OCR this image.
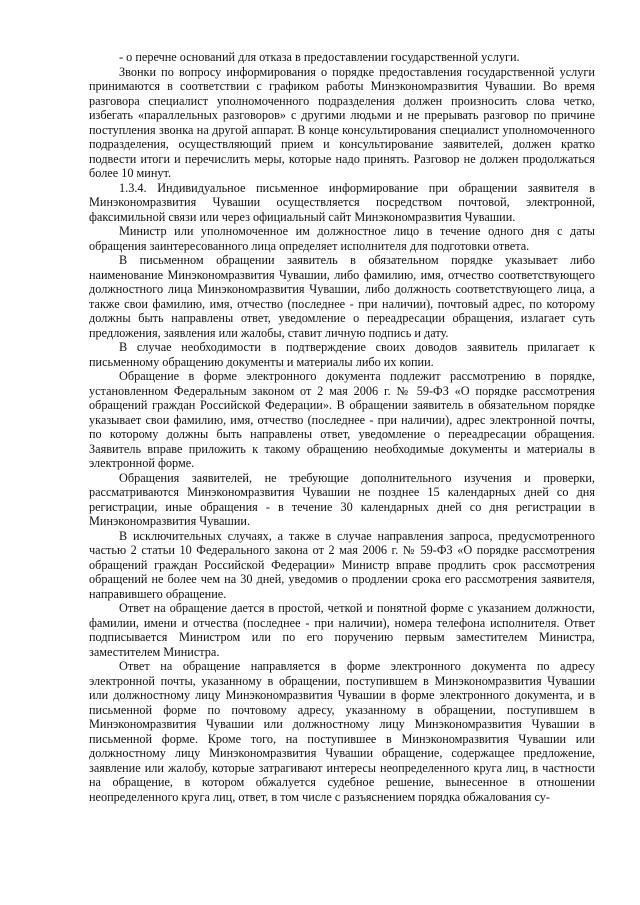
- о перечне оснований для отказа в предоставлении государственной услуги.

Звонки по вопросу информирования о порядке предоставления государственной услуги принимаются в соответствии с графиком работы Минэкономразвития Чувашии. Во время разговора специалист уполномоченного подразделения должен произносить слова четко, избегать «параллельных разговоров» с другими людьми и не прерывать разговор по причине поступления звонка на другой аппарат. В конце консультирования специалист уполномоченного подразделения, осуществляющий прием и консультирование заявителей, должен кратко подвести итоги и перечислить меры, которые надо принять. Разговор не должен продолжаться более 10 минут.

1.3.4. Индивидуальное письменное информирование при обращении заявителя в Минэкономразвития Чувашии осуществляется посредством почтовой, электронной, факсимильной связи или через официальный сайт Минэкономразвития Чувашии.

Министр или уполномоченное им должностное лицо в течение одного дня с даты обращения заинтересованного лица определяет исполнителя для подготовки ответа.

В письменном обращении заявитель в обязательном порядке указывает либо наименование Минэкономразвития Чувашии, либо фамилию, имя, отчество соответствующего должностного лица Минэкономразвития Чувашии, либо должность соответствующего лица, а также свои фамилию, имя, отчество (последнее - при наличии), почтовый адрес, по которому должны быть направлены ответ, уведомление о переадресации обращения, излагает суть предложения, заявления или жалобы, ставит личную подпись и дату.

В случае необходимости в подтверждение своих доводов заявитель прилагает к письменному обращению документы и материалы либо их копии.

Обращение в форме электронного документа подлежит рассмотрению в порядке, установленном Федеральным законом от 2 мая 2006 г. № 59-ФЗ «О порядке рассмотрения обращений граждан Российской Федерации». В обращении заявитель в обязательном порядке указывает свои фамилию, имя, отчество (последнее - при наличии), адрес электронной почты, по которому должны быть направлены ответ, уведомление о переадресации обращения. Заявитель вправе приложить к такому обращению необходимые документы и материалы в электронной форме.

Обращения заявителей, не требующие дополнительного изучения и проверки, рассматриваются Минэкономразвития Чувашии не позднее 15 календарных дней со дня регистрации, иные обращения - в течение 30 календарных дней со дня регистрации в Минэкономразвития Чувашии.

В исключительных случаях, а также в случае направления запроса, предусмотренного частью 2 статьи 10 Федерального закона от 2 мая 2006 г. № 59-ФЗ «О порядке рассмотрения обращений граждан Российской Федерации» Министр вправе продлить срок рассмотрения обращений не более чем на 30 дней, уведомив о продлении срока его рассмотрения заявителя, направившего обращение.

Ответ на обращение дается в простой, четкой и понятной форме с указанием должности, фамилии, имени и отчества (последнее - при наличии), номера телефона исполнителя. Ответ подписывается Министром или по его поручению первым заместителем Министра, заместителем Министра.

Ответ на обращение направляется в форме электронного документа по адресу электронной почты, указанному в обращении, поступившем в Минэкономразвития Чувашии или должностному лицу Минэкономразвития Чувашии в форме электронного документа, и в письменной форме по почтовому адресу, указанному в обращении, поступившем в Минэкономразвития Чувашии или должностному лицу Минэкономразвития Чувашии в письменной форме. Кроме того, на поступившее в Минэкономразвития Чувашии или должностному лицу Минэкономразвития Чувашии обращение, содержащее предложение, заявление или жалобу, которые затрагивают интересы неопределенного круга лиц, в частности на обращение, в котором обжалуется судебное решение, вынесенное в отношении неопределенного круга лиц, ответ, в том числе с разъяснением порядка обжалования су-
